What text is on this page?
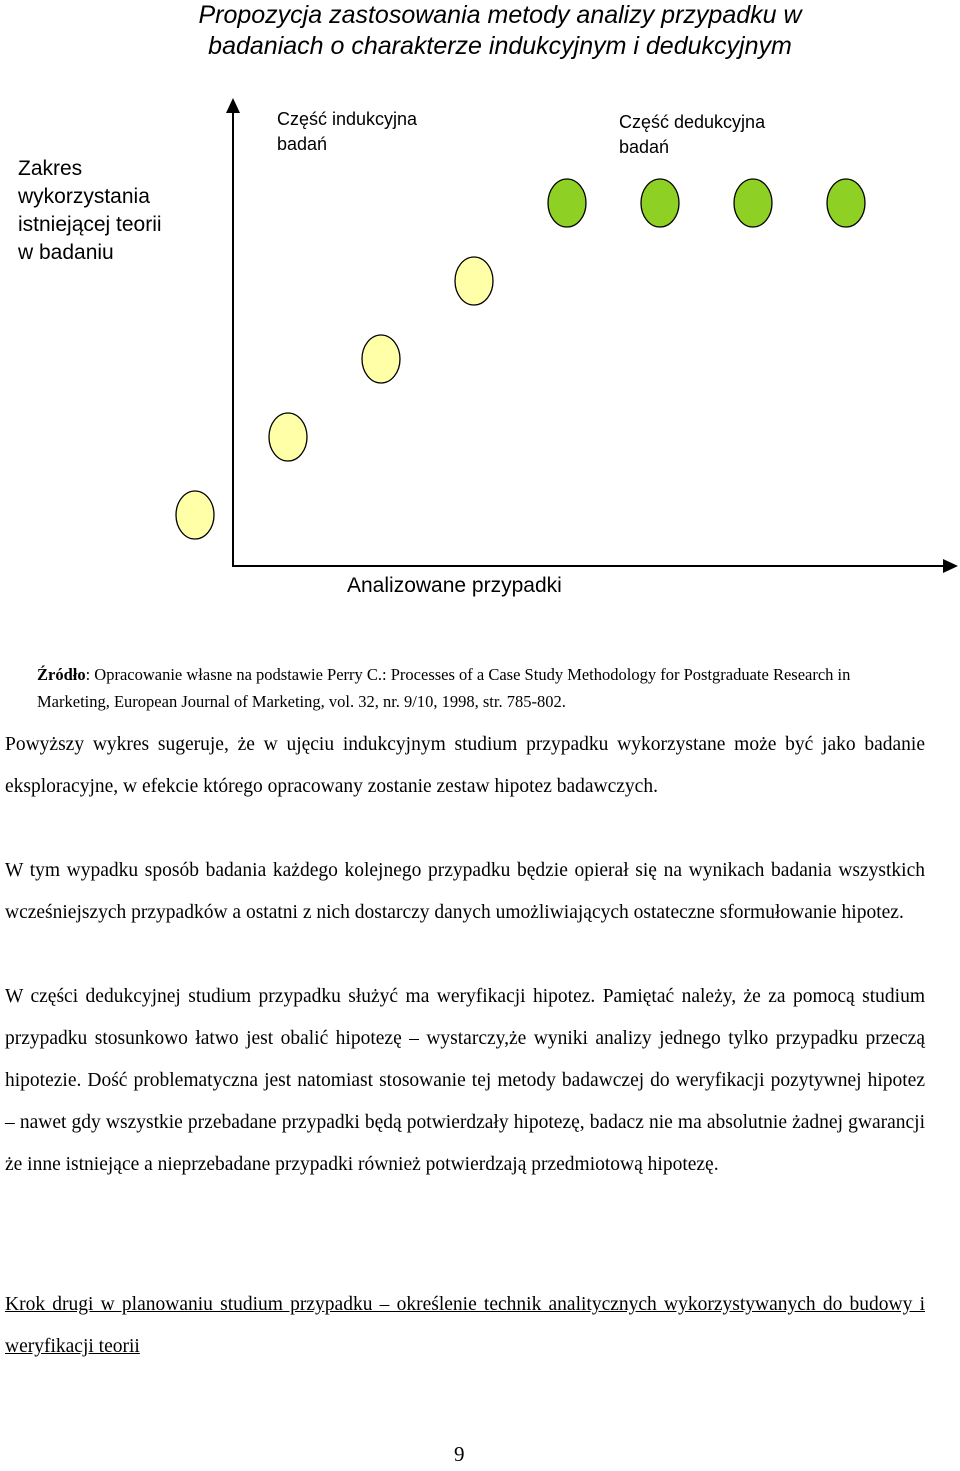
Propozycja zastosowania metody analizy przypadku w
badaniach o charakterze indukcyjnym i dedukcyjnym
Zakres
wykorzystania
istniejącej teorii
w badaniu
Część indukcyjna
badań
Część dedukcyjna
badań
Analizowane przypadki
Źródło: Opracowanie własne na podstawie Perry C.: Processes of a Case Study Methodology for Postgraduate Research in Marketing, European Journal of Marketing, vol. 32, nr. 9/10, 1998, str. 785-802.

Powyższy wykres sugeruje, że w ujęciu indukcyjnym studium przypadku wykorzystane może być jako badanie eksploracyjne, w efekcie którego opracowany zostanie zestaw hipotez badawczych.

W tym wypadku sposób badania każdego kolejnego przypadku będzie opierał się na wynikach badania wszystkich wcześniejszych przypadków a ostatni z nich dostarczy danych umożliwiających ostateczne sformułowanie hipotez.

W części dedukcyjnej studium przypadku służyć ma weryfikacji hipotez. Pamiętać należy, że za pomocą studium przypadku stosunkowo łatwo jest obalić hipotezę – wystarczy,że wyniki analizy jednego tylko przypadku przeczą hipotezie. Dość problematyczna jest natomiast stosowanie tej metody badawczej do weryfikacji pozytywnej hipotez – nawet gdy wszystkie przebadane przypadki będą potwierdzały hipotezę, badacz nie ma absolutnie żadnej gwarancji że inne istniejące a nieprzebadane przypadki również potwierdzają przedmiotową hipotezę.

Krok drugi w planowaniu studium przypadku – określenie technik analitycznych wykorzystywanych do budowy i weryfikacji teorii

9
